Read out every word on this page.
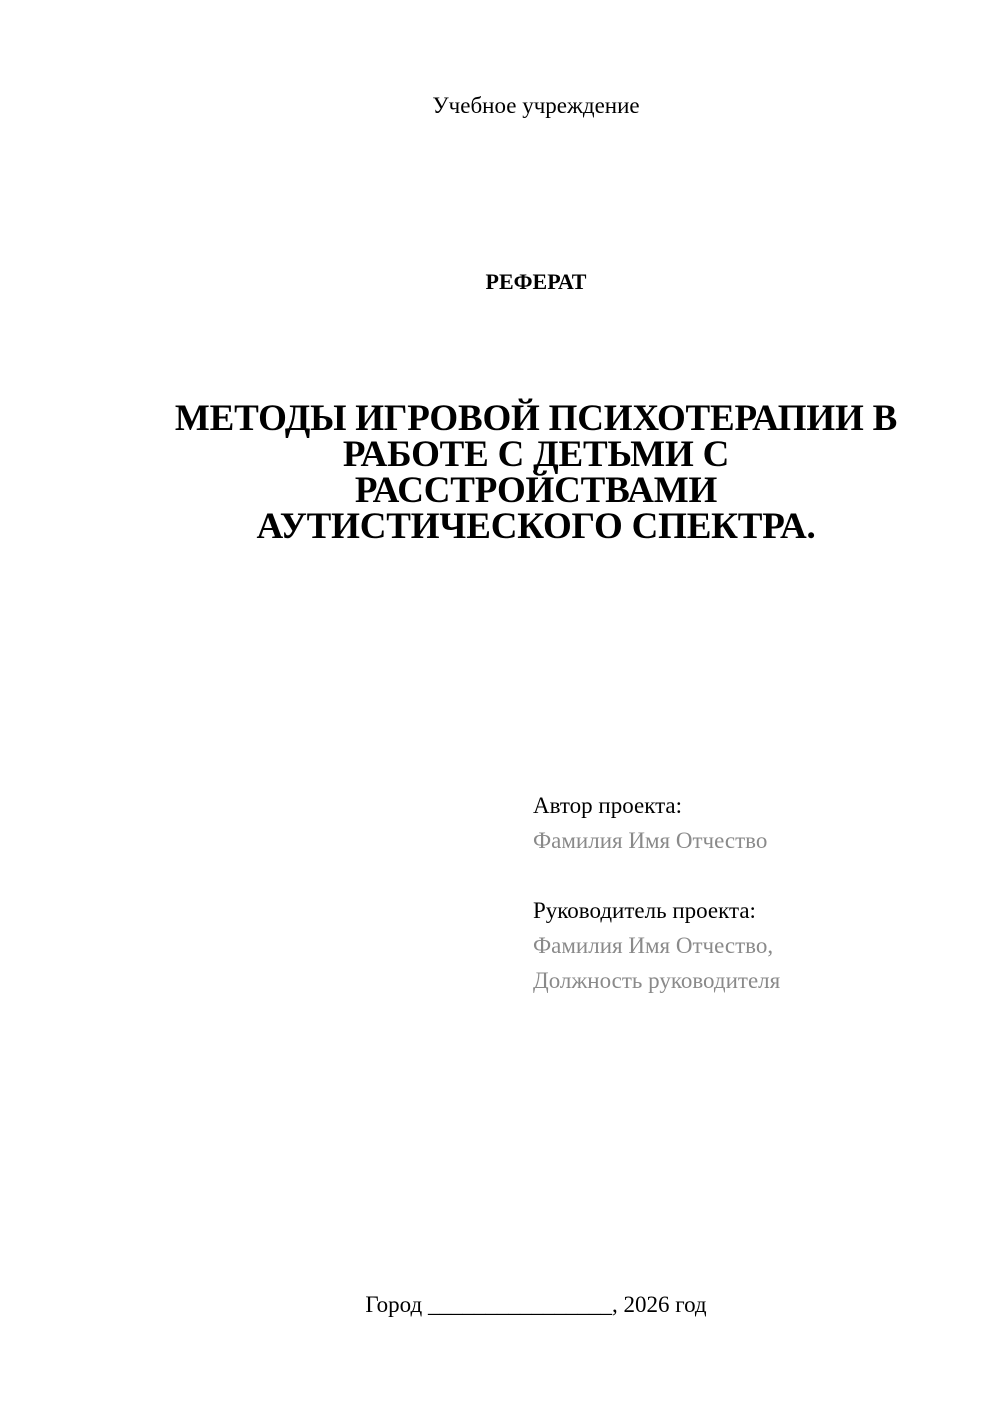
Учебное учреждение
РЕФЕРАТ
МЕТОДЫ ИГРОВОЙ ПСИХОТЕРАПИИ В
РАБОТЕ С ДЕТЬМИ С
РАССТРОЙСТВАМИ
АУТИСТИЧЕСКОГО СПЕКТРА.
Автор проекта:
Фамилия Имя Отчество
Руководитель проекта:
Фамилия Имя Отчество,
Должность руководителя
Город ________________, 2026 год
